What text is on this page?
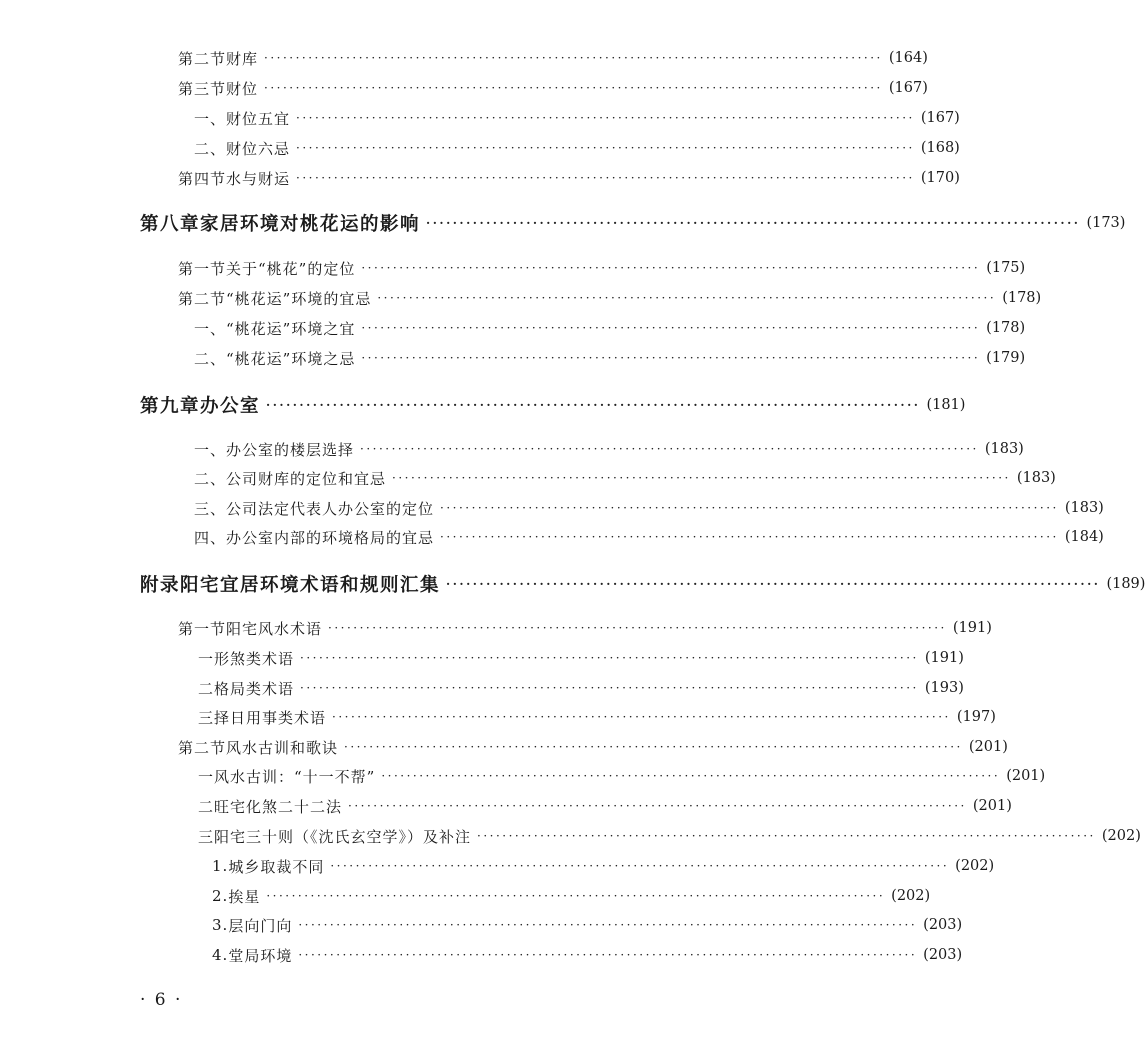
第二节 财库 ·································································································· (164)
第三节 财位 ·································································································· (167)
一、财位五宜 ·································································································· (167)
二、财位六忌 ·································································································· (168)
第四节 水与财运 ·································································································· (170)
第八章 家居环境对桃花运的影响 ·································································································· (173)
第一节 关于“桃花”的定位 ·································································································· (175)
第二节 “桃花运”环境的宜忌 ·································································································· (178)
一、“桃花运”环境之宜 ·································································································· (178)
二、“桃花运”环境之忌 ·································································································· (179)
第九章 办公室 ·································································································· (181)
一、办公室的楼层选择 ·································································································· (183)
二、公司财库的定位和宜忌 ·································································································· (183)
三、公司法定代表人办公室的定位 ·································································································· (183)
四、办公室内部的环境格局的宜忌 ·································································································· (184)
附录 阳宅宜居环境术语和规则汇集 ·································································································· (189)
第一节 阳宅风水术语 ·································································································· (191)
一 形煞类术语 ·································································································· (191)
二 格局类术语 ·································································································· (193)
三 择日用事类术语 ·································································································· (197)
第二节 风水古训和歌诀 ·································································································· (201)
一 风水古训：“十一不帮” ·································································································· (201)
二 旺宅化煞二十二法 ·································································································· (201)
三 阳宅三十则（《沈氏玄空学》）及补注 ·································································································· (202)
1. 城乡取裁不同 ·································································································· (202)
2. 挨星 ·································································································· (202)
3. 层向门向 ·································································································· (203)
4. 堂局环境 ·································································································· (203)
· 6 ·
